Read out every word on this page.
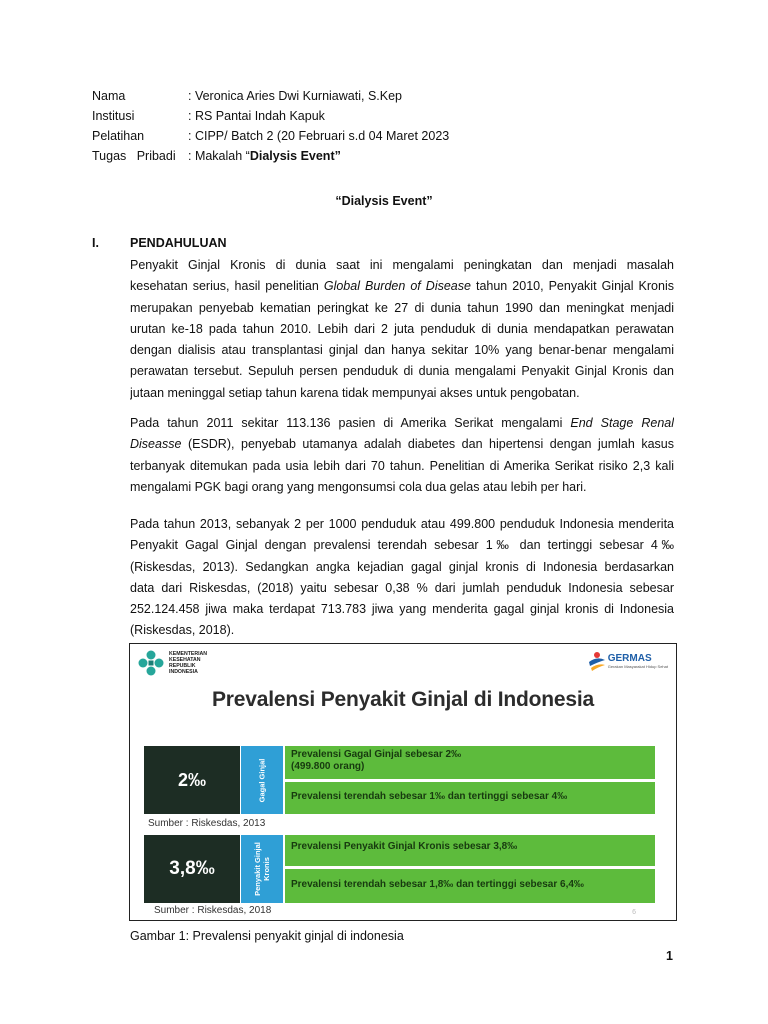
Nama	: Veronica Aries Dwi Kurniawati, S.Kep
Institusi	: RS Pantai Indah Kapuk
Pelatihan	: CIPP/ Batch 2 (20 Februari s.d 04 Maret 2023
Tugas   Pribadi : Makalah “Dialysis Event”
“Dialysis Event”
I. PENDAHULUAN
Penyakit Ginjal Kronis di dunia saat ini mengalami peningkatan dan menjadi masalah
kesehatan serius, hasil penelitian Global Burden of Disease tahun 2010, Penyakit Ginjal Kronis
merupakan penyebab kematian peringkat ke 27 di dunia tahun 1990 dan meningkat menjadi
urutan ke-18 pada tahun 2010. Lebih dari 2 juta penduduk di dunia mendapatkan perawatan
dengan dialisis atau transplantasi ginjal dan hanya sekitar 10% yang benar-benar mengalami
perawatan tersebut. Sepuluh persen penduduk di dunia mengalami Penyakit Ginjal Kronis dan
jutaan meninggal setiap tahun karena tidak mempunyai akses untuk pengobatan.
Pada tahun 2011 sekitar 113.136 pasien di Amerika Serikat mengalami End Stage Renal
Diseasse (ESDR), penyebab utamanya adalah diabetes dan hipertensi dengan jumlah kasus
terbanyak ditemukan pada usia lebih dari 70 tahun. Penelitian di Amerika Serikat risiko 2,3 kali
mengalami PGK bagi orang yang mengonsumsi cola dua gelas atau lebih per hari.
Pada tahun 2013, sebanyak 2 per 1000 penduduk atau 499.800 penduduk Indonesia menderita
Penyakit Gagal Ginjal dengan prevalensi terendah sebesar 1‰ dan tertinggi sebesar 4‰
(Riskesdas, 2013). Sedangkan angka kejadian gagal ginjal kronis di Indonesia berdasarkan
data dari Riskesdas, (2018) yaitu sebesar 0,38 % dari jumlah penduduk Indonesia sebesar
252.124.458 jiwa maka terdapat 713.783 jiwa yang menderita gagal ginjal kronis di Indonesia
(Riskesdas, 2018).
KEMENTERIAN
KESEHATAN
REPUBLIK
INDONESIA
GERMAS
Gerakan Masyarakat Hidup Sehat
Prevalensi Penyakit Ginjal di Indonesia
2‰	Gagal Ginjal
Prevalensi Gagal Ginjal sebesar 2‰
(499.800 orang)
Prevalensi terendah sebesar 1‰ dan tertinggi sebesar 4‰
Sumber : Riskesdas, 2013
3,8‰	Penyakit Ginjal
Kronis
Prevalensi Penyakit Ginjal Kronis sebesar 3,8‰
Prevalensi terendah sebesar 1,8‰ dan tertinggi sebesar 6,4‰
Sumber : Riskesdas, 2018	6
Gambar 1: Prevalensi penyakit ginjal di indonesia
1
